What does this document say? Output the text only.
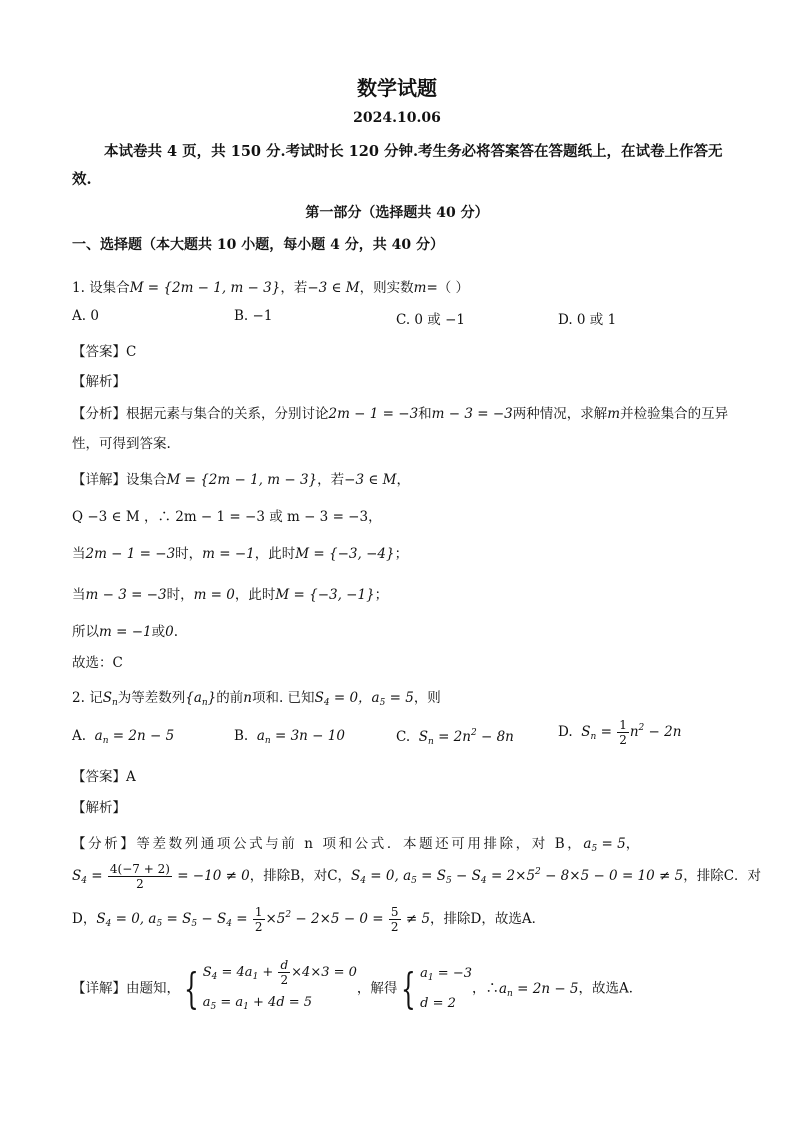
数学试题
2024.10.06
本试卷共 4 页，共 150 分.考试时长 120 分钟.考生务必将答案答在答题纸上，在试卷上作答无效.
第一部分（选择题共 40 分）
一、选择题（本大题共 10 小题，每小题 4 分，共 40 分）
1. 设集合M = {2m − 1, m − 3}，若−3 ∈ M，则实数m=（ ）
A. 0	B. −1	C. 0 或 −1	D. 0 或 1
【答案】C
【解析】
【分析】根据元素与集合的关系，分别讨论2m − 1 = −3和m − 3 = −3两种情况，求解m并检验集合的互异
性，可得到答案.
【详解】设集合M = {2m − 1, m − 3}，若−3 ∈ M，
Q −3 ∈ M ，∴ 2m − 1 = −3 或 m − 3 = −3，
当2m − 1 = −3时，m = −1，此时M = {−3, −4}；
当m − 3 = −3时，m = 0，此时M = {−3, −1}；
所以m = −1或0.
故选：C
2. 记$S_n$为等差数列$\{a_n\}$的前n项和. 已知$S_4 = 0$，$a_5 = 5$，则
A. $a_n = 2n - 5$	B. $a_n = 3n - 10$	C. $S_n = 2n^2 - 8n$	D. $S_n = \frac{1}{2} n^2 - 2n$
【答案】A
【解析】
【分析】等差数列通项公式与前 n 项和公式．本题还可用排除，对 B，$a_5 = 5$，
$S_4 = \frac{4(-7 + 2)}{2} = -10 \ne 0$，排除B，对C，$S_4 = 0$, $a_5 = S_5 - S_4 = 2\times 5^2 - 8\times 5 - 0 = 10 \ne 5$，排除C．对
D，$S_4 = 0$, $a_5 = S_5 - S_4 = \frac{1}{2} \times 5^2 - 2\times 5 - 0 = \frac{5}{2} \ne 5$，排除D，故选A．
【详解】由题知，{ $S_4 = 4a_1 + \frac{d}{2} \times 4\times 3 = 0$
$a_5 = a_1 + 4d = 5$
，解得{ $a_1 = -3$
d = 2
，$\therefore a_n = 2n - 5$，故选A．
